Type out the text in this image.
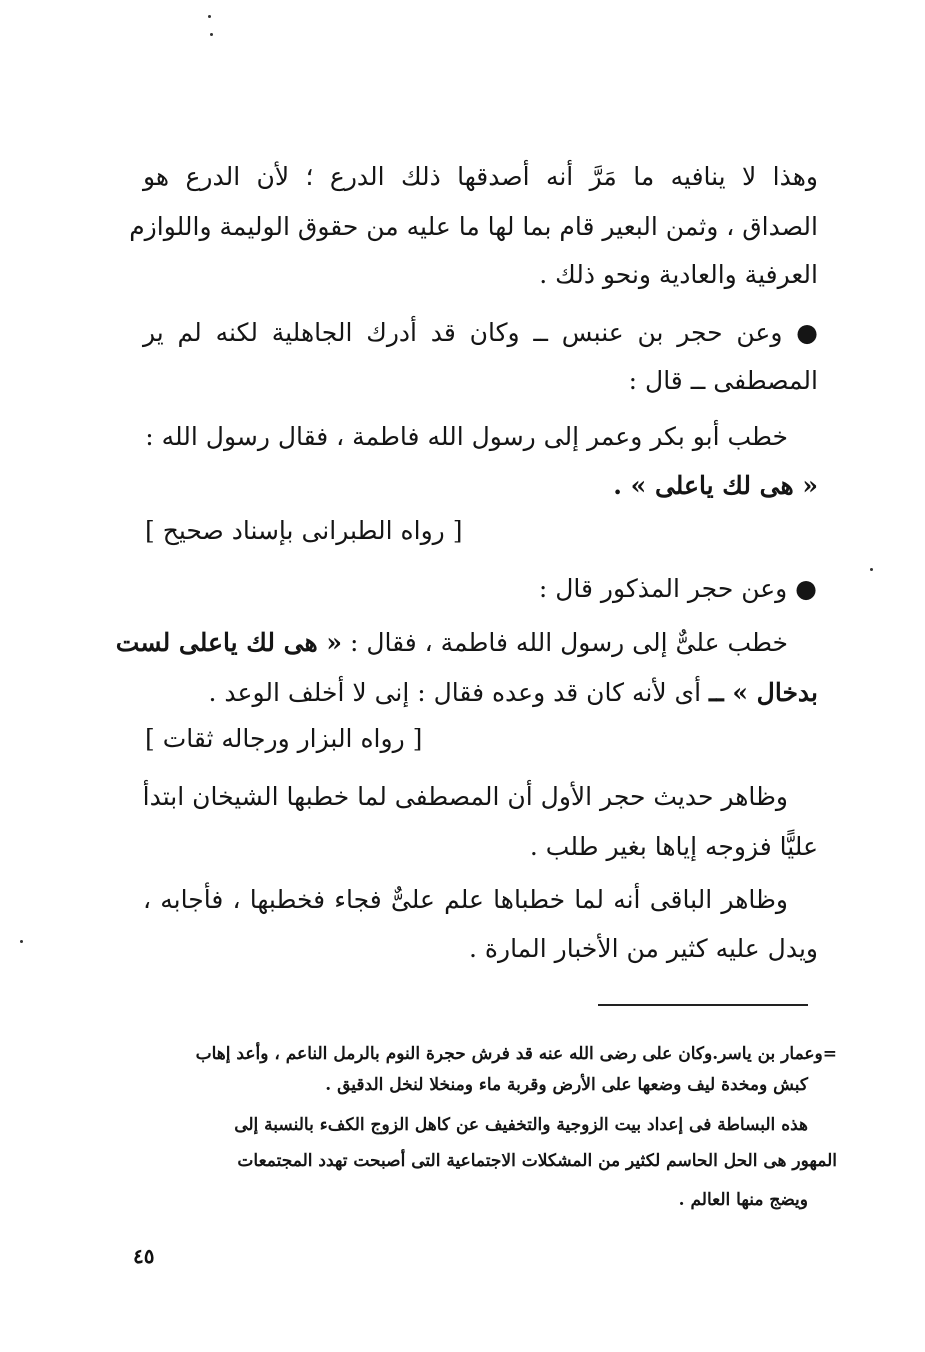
وهذا لا ينافيه ما مَرَّ أنه أصدقها ذلك الدرع ؛ لأن الدرع هو
الصداق ، وثمن البعير قام بما لها ما عليه من حقوق الوليمة واللوازم
العرفية والعادية ونحو ذلك .
● وعن حجر بن عنبس ــ وكان قد أدرك الجاهلية لكنه لم ير
المصطفى ــ قال :
خطب أبو بكر وعمر إلى رسول الله فاطمة ، فقال رسول الله :
« هى لك ياعلى » .
[ رواه الطبرانى بإسناد صحيح ]
● وعن حجر المذكور قال :
خطب علىٌّ إلى رسول الله فاطمة ، فقال : « هى لك ياعلى لست
بدخال » ــ أى لأنه كان قد وعده فقال : إنى لا أخلف الوعد .
[ رواه البزار ورجاله ثقات ]
وظاهر حديث حجر الأول أن المصطفى لما خطبها الشيخان ابتدأ
عليًّا فزوجه إياها بغير طلب .
وظاهر الباقى أنه لما خطباها علم علىٌّ فجاء فخطبها ، فأجابه ،
ويدل عليه كثير من الأخبار المارة .
=وعمار بن ياسر.وكان على رضى الله عنه قد فرش حجرة النوم بالرمل الناعم ، وأعد إهاب
كبش ومخدة ليف وضعها على الأرض وقربة ماء ومنخلا لنخل الدقيق .
هذه البساطة فى إعداد بيت الزوجية والتخفيف عن كاهل الزوج الكفء بالنسبة إلى
المهور هى الحل الحاسم لكثير من المشكلات الاجتماعية التى أصبحت تهدد المجتمعات
ويضج منها العالم .
٤٥
